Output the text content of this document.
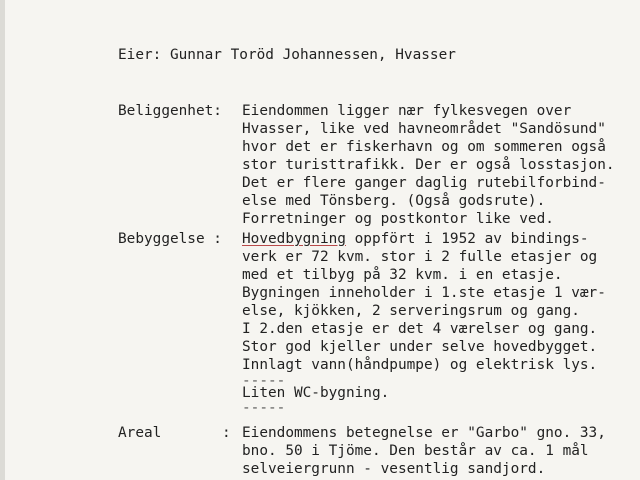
Eier: Gunnar Toröd Johannessen, Hvasser
Beliggenhet: Eiendommen ligger nær fylkesvegen over
Hvasser, like ved havneområdet "Sandösund"
hvor det er fiskerhavn og om sommeren også
stor turisttrafikk. Der er også losstasjon.
Det er flere ganger daglig rutebilforbind-
else med Tönsberg. (Også godsrute).
Forretninger og postkontor like ved.
Bebyggelse : Hovedbygning oppfört i 1952 av bindings-
verk er 72 kvm. stor i 2 fulle etasjer og
med et tilbyg på 32 kvm. i en etasje.
Bygningen inneholder i 1.ste etasje 1 vær-
else, kjökken, 2 serveringsrum og gang.
I 2.den etasje er det 4 værelser og gang.
Stor god kjeller under selve hovedbygget.
Innlagt vann(håndpumpe) og elektrisk lys.
-----
Liten WC-bygning.
-----
Areal	: Eiendommens betegnelse er "Garbo" gno. 33,
bno. 50 i Tjöme. Den består av ca. 1 mål
selveiergrunn - vesentlig sandjord.
